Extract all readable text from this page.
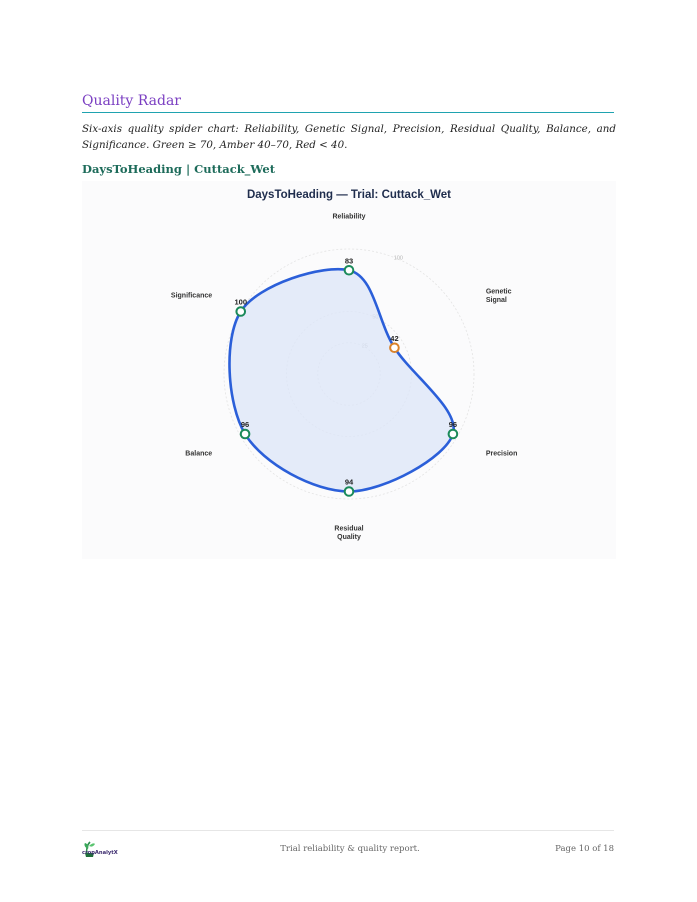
Quality Radar

Six-axis quality spider chart: Reliability, Genetic Signal, Precision, Residual Quality, Balance, and Significance. Green ≥ 70, Amber 40–70, Red < 40.

DaysToHeading | Cuttack_Wet
DaysToHeading — Trial: Cuttack_Wet
100
83
42
96
94
96
100
Reliability
Genetic Signal
Precision
Residual Quality
Balance
Significance
cropAnalytX	Trial reliability & quality report.	Page 10 of 18
